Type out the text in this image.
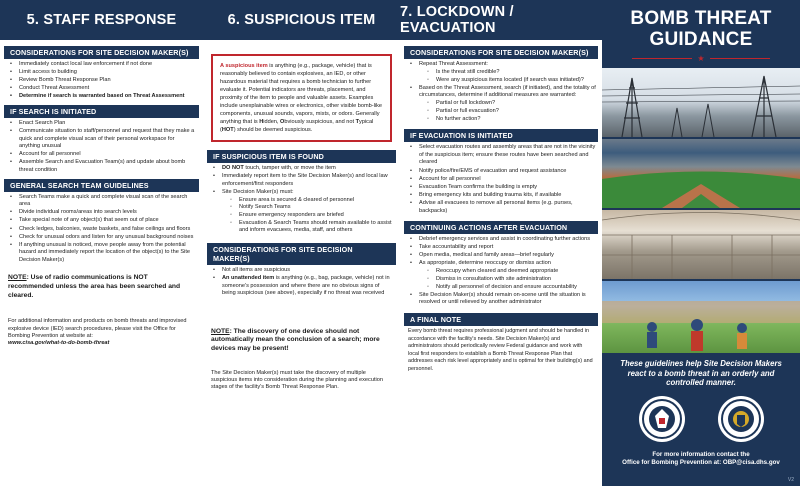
5. STAFF RESPONSE
CONSIDERATIONS FOR SITE DECISION MAKER(S)
• Immediately contact local law enforcement if not done
• Limit access to building
• Review Bomb Threat Response Plan
• Conduct Threat Assessment
• Determine if search is warranted based on Threat Assessment
IF SEARCH IS INITIATED
• Enact Search Plan
• Communicate situation to staff/personnel and request that they make a quick and complete visual scan of their personal workspace for anything unusual
• Account for all personnel
• Assemble Search and Evacuation Team(s) and update about bomb threat condition
GENERAL SEARCH TEAM GUIDELINES
• Search Teams make a quick and complete visual scan of the search area
• Divide individual rooms/areas into search levels
• Take special note of any object(s) that seem out of place
• Check ledges, balconies, waste baskets, and false ceilings and floors
• Check for unusual odors and listen for any unusual background noises
• If anything unusual is noticed, move people away from the potential hazard and immediately report the location of the object(s) to the Site Decision Maker(s)
NOTE: Use of radio communications is NOT recommended unless the area has been searched and cleared.
For additional information and products on bomb threats and improvised explosive device (IED) search procedures, please visit the Office for Bombing Prevention at website at:
www.cisa.gov/what-to-do-bomb-threat
6. SUSPICIOUS ITEM
A suspicious item is anything (e.g., package, vehicle) that is reasonably believed to contain explosives, an IED, or other hazardous material that requires a bomb technician to further evaluate it. Potential indicators are threats, placement, and proximity of the item to people and valuable assets. Examples include unexplainable wires or electronics, other visible bomb-like components, unusual sounds, vapors, mists, or odors. Generally anything that is Hidden, Obviously suspicious, and not Typical (HOT) should be deemed suspicious.
IF SUSPICIOUS ITEM IS FOUND
• DO NOT touch, tamper with, or move the item
• Immediately report item to the Site Decision Maker(s) and local law enforcement/first responders
• Site Decision Maker(s) must:
◦ Ensure area is secured & cleared of personnel
◦ Notify Search Teams
◦ Ensure emergency responders are briefed
◦ Evacuation & Search Teams should remain available to assist and inform evacuees, media, staff, and others
CONSIDERATIONS FOR SITE DECISION MAKER(S)
• Not all items are suspicious
• An unattended item is anything (e.g., bag, package, vehicle) not in someone's possession and where there are no obvious signs of being suspicious (see above), especially if no threat was received
NOTE: The discovery of one device should not automatically mean the conclusion of a search; more devices may be present!
The Site Decision Maker(s) must take the discovery of multiple suspicious items into consideration during the planning and execution stages of the facility's Bomb Threat Response Plan.
7. LOCKDOWN / EVACUATION
CONSIDERATIONS FOR SITE DECISION MAKER(S)
• Repeat Threat Assessment:
◦ Is the threat still credible?
◦ Were any suspicious items located (if search was initiated)?
• Based on the Threat Assessment, search (if initiated), and the totality of circumstances, determine if additional measures are warranted:
◦ Partial or full lockdown?
◦ Partial or full evacuation?
◦ No further action?
IF EVACUATION IS INITIATED
• Select evacuation routes and assembly areas that are not in the vicinity of the suspicious item; ensure these routes have been searched and cleared
• Notify police/fire/EMS of evacuation and request assistance
• Account for all personnel
• Evacuation Team confirms the building is empty
• Bring emergency kits and building trauma kits, if available
• Advise all evacuees to remove all personal items (e.g. purses, backpacks)
CONTINUING ACTIONS AFTER EVACUATION
• Debrief emergency services and assist in coordinating further actions
• Take accountability and report
• Open media, medical and family areas—brief regularly
• As appropriate, determine reoccupy or dismiss action
◦ Reoccupy when cleared and deemed appropriate
◦ Dismiss in consultation with site administration
◦ Notify all personnel of decision and ensure accountability
• Site Decision Maker(s) should remain on-scene until the situation is resolved or until relieved by another administrator
A FINAL NOTE
Every bomb threat requires professional judgment and should be handled in accordance with the facility's needs. Site Decision Maker(s) and administrators should periodically review Federal guidance and work with local first responders to establish a Bomb Threat Response Plan that addresses each risk level appropriately and is optimal for their building(s) and personnel.
BOMB THREAT
GUIDANCE
★
These guidelines help Site Decision Makers react to a bomb threat in an orderly and controlled manner.
For more information contact the
Office for Bombing Prevention at: OBP@cisa.dhs.gov
V2
